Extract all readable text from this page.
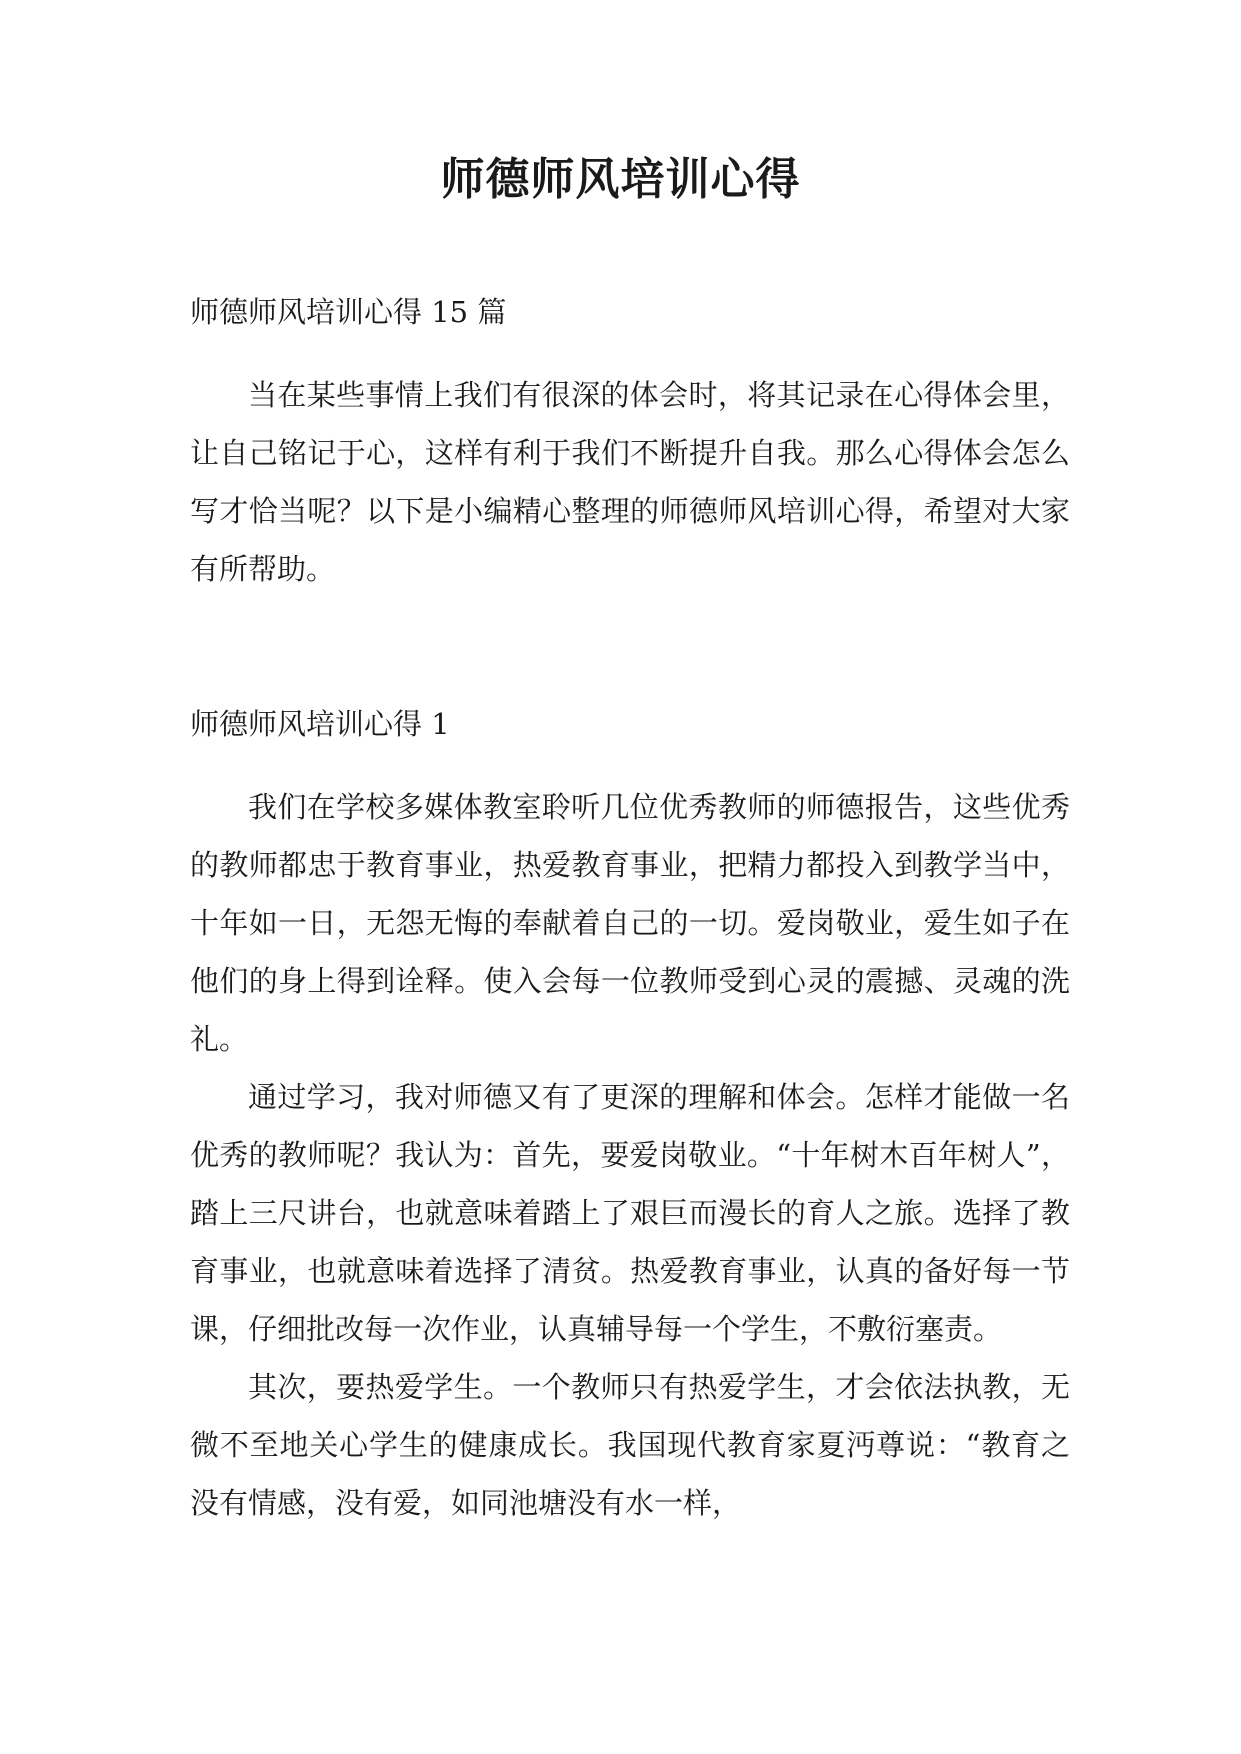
师德师风培训心得

师德师风培训心得 15 篇

当在某些事情上我们有很深的体会时，将其记录在心得体会里，让自己铭记于心，这样有利于我们不断提升自我。那么心得体会怎么写才恰当呢？以下是小编精心整理的师德师风培训心得，希望对大家有所帮助。

师德师风培训心得 1

我们在学校多媒体教室聆听几位优秀教师的师德报告，这些优秀的教师都忠于教育事业，热爱教育事业，把精力都投入到教学当中，十年如一日，无怨无悔的奉献着自己的一切。爱岗敬业，爱生如子在他们的身上得到诠释。使入会每一位教师受到心灵的震撼、灵魂的洗礼。

通过学习，我对师德又有了更深的理解和体会。怎样才能做一名优秀的教师呢？我认为：首先，要爱岗敬业。“十年树木百年树人”，踏上三尺讲台，也就意味着踏上了艰巨而漫长的育人之旅。选择了教育事业，也就意味着选择了清贫。热爱教育事业，认真的备好每一节课，仔细批改每一次作业，认真辅导每一个学生，不敷衍塞责。

其次，要热爱学生。一个教师只有热爱学生，才会依法执教，无微不至地关心学生的健康成长。我国现代教育家夏沔尊说：“教育之没有情感，没有爱，如同池塘没有水一样，
